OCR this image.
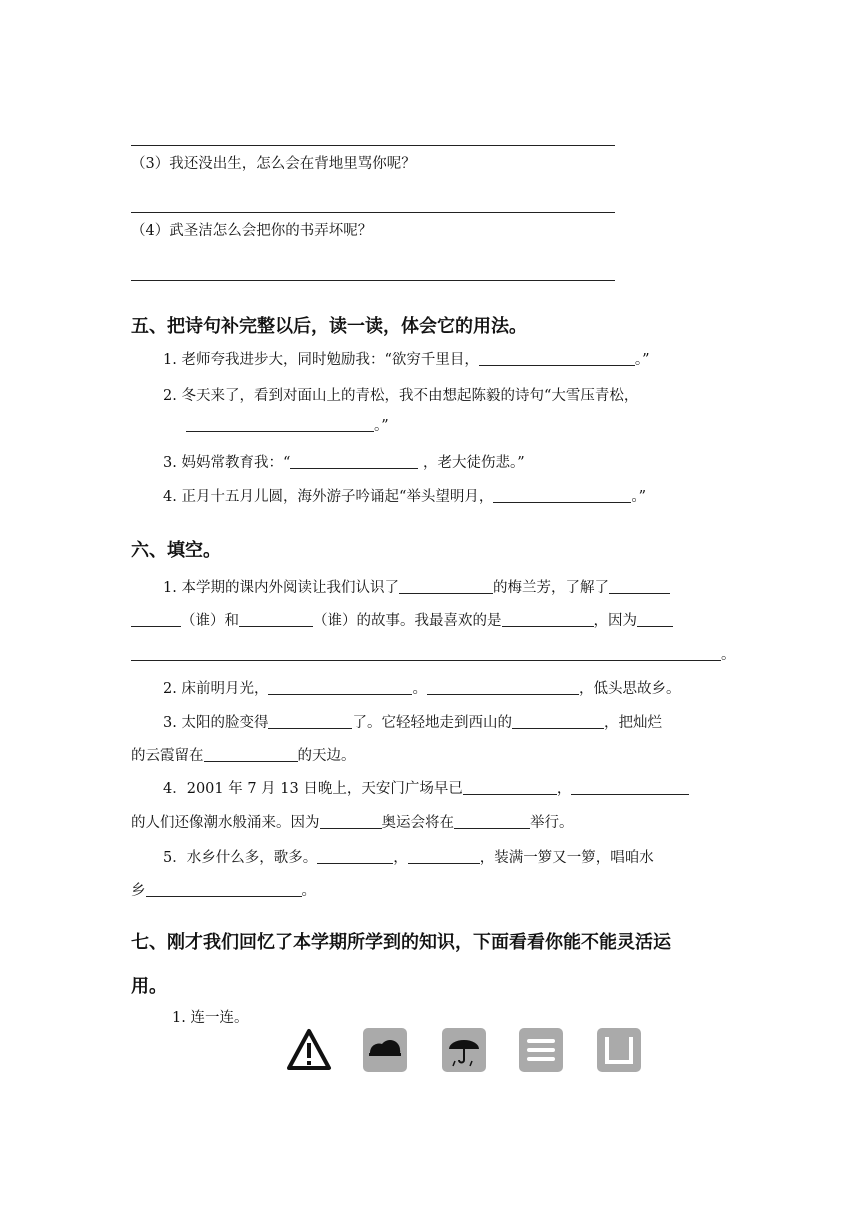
（3）我还没出生，怎么会在背地里骂你呢？
（4）武圣洁怎么会把你的书弄坏呢？
五、把诗句补完整以后，读一读，体会它的用法。
1. 老师夸我进步大，同时勉励我：“欲穷千里目，	。”
2. 冬天来了，看到对面山上的青松，我不由想起陈毅的诗句“大雪压青松，
。”
3. 妈妈常教育我：“	，老大徒伤悲。”
4. 正月十五月儿圆，海外游子吟诵起“举头望明月，	。”
六、填空。
1. 本学期的课内外阅读让我们认识了	的梅兰芳，了解了
（谁）和	（谁）的故事。我最喜欢的是	，因为
。
2. 床前明月光，	。	，低头思故乡。
3. 太阳的脸变得	了。它轻轻地走到西山的	，把灿烂
的云霞留在	的天边。
4．2001 年 7 月 13 日晚上，天安门广场早已	，
的人们还像潮水般涌来。因为	奥运会将在	举行。
5．水乡什么多，歌多。	，	，装满一箩又一箩，唱咱水
乡	。
七、刚才我们回忆了本学期所学到的知识，下面看看你能不能灵活运
用。
1. 连一连。
